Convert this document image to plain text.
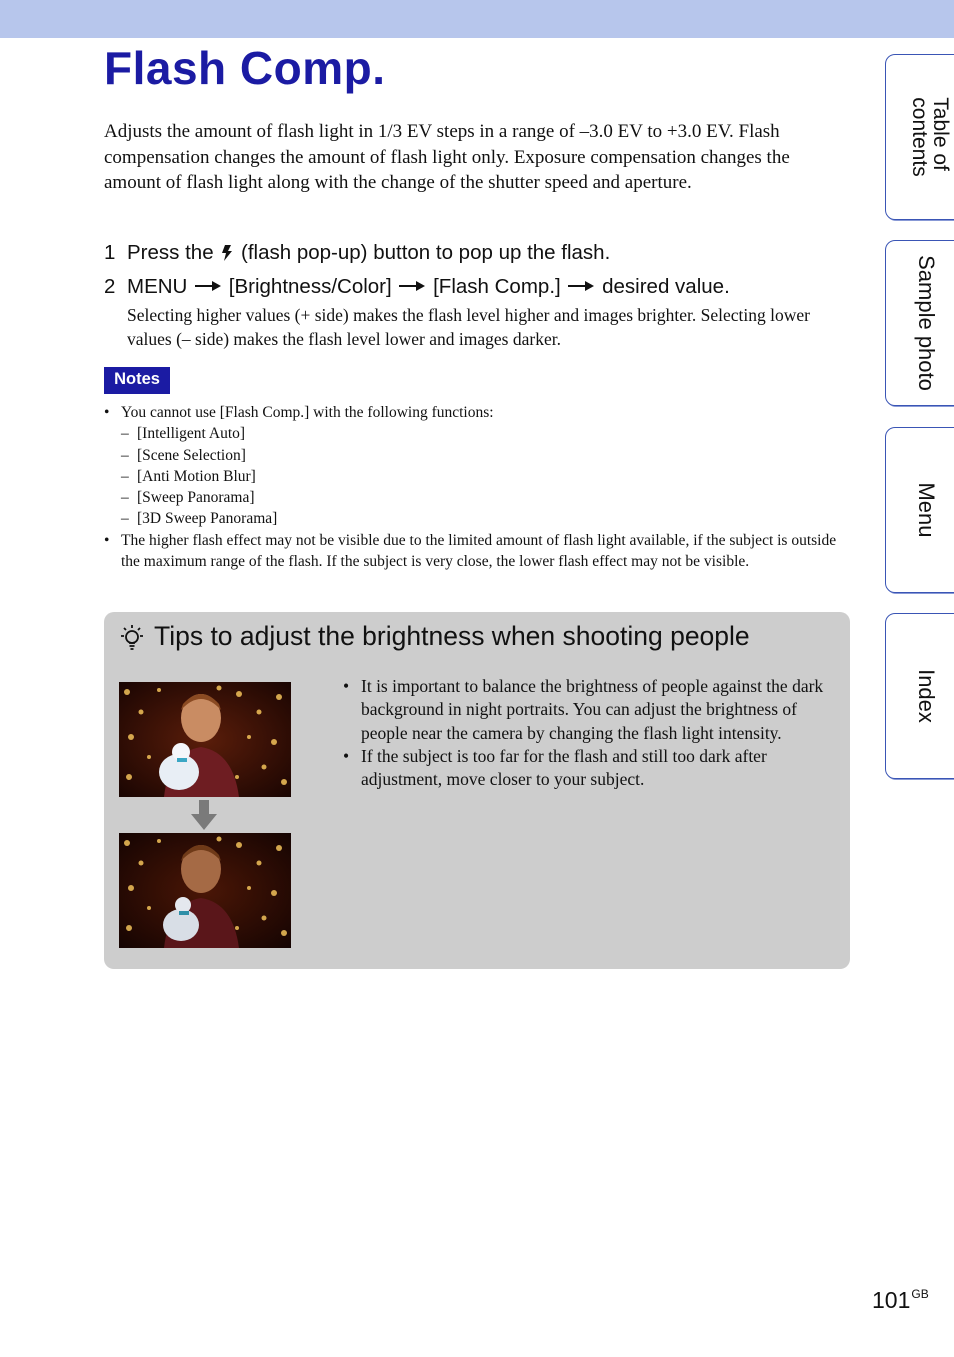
Flash Comp.

Adjusts the amount of flash light in 1/3 EV steps in a range of –3.0 EV to +3.0 EV. Flash compensation changes the amount of flash light only. Exposure compensation changes the amount of flash light along with the change of the shutter speed and aperture.

1 Press the (flash pop-up) button to pop up the flash.
2 MENU [Brightness/Color] [Flash Comp.] desired value.

Selecting higher values (+ side) makes the flash level higher and images brighter. Selecting lower values (– side) makes the flash level lower and images darker.

Notes
• You cannot use [Flash Comp.] with the following functions:
– [Intelligent Auto]
– [Scene Selection]
– [Anti Motion Blur]
– [Sweep Panorama]
– [3D Sweep Panorama]
• The higher flash effect may not be visible due to the limited amount of flash light available, if the subject is outside the maximum range of the flash. If the subject is very close, the lower flash effect may not be visible.
Tips to adjust the brightness when shooting people
• It is important to balance the brightness of people against the dark background in night portraits. You can adjust the brightness of people near the camera by changing the flash light intensity.
• If the subject is too far for the flash and still too dark after adjustment, move closer to your subject.
Table of
contents
Sample photo
Menu
Index
$101^{GB}$
